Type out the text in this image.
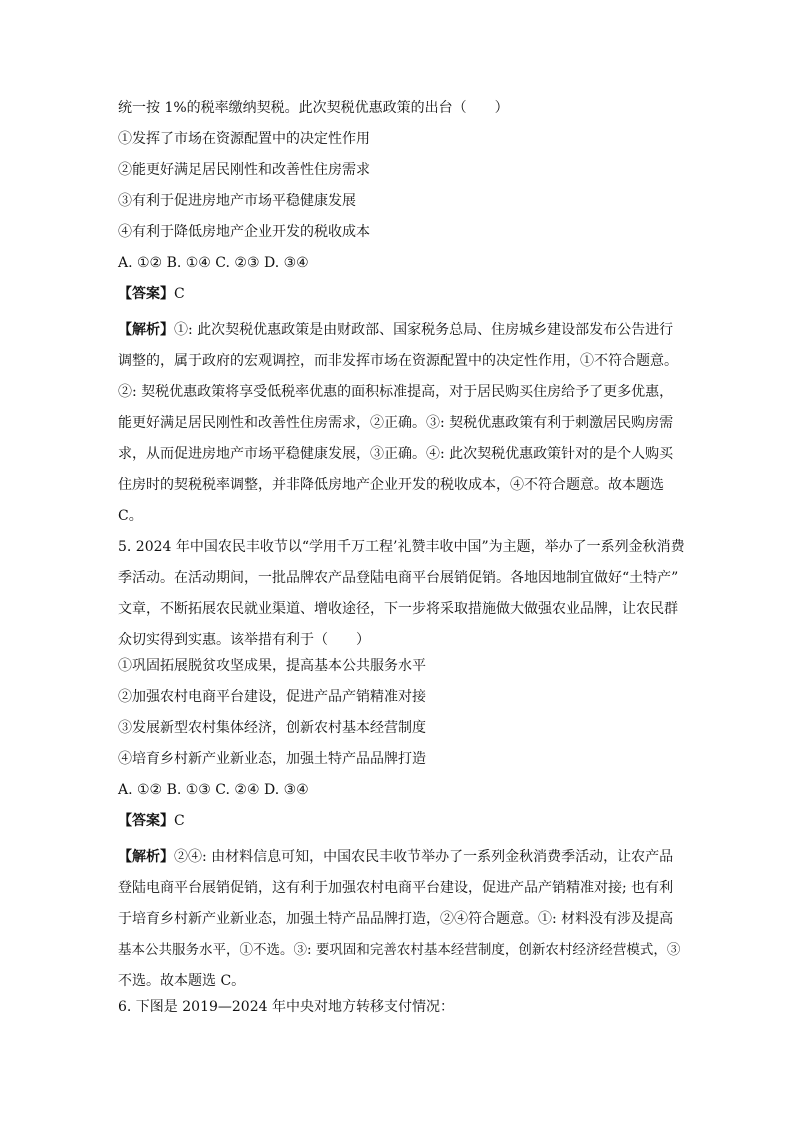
统一按 1%的税率缴纳契税。此次契税优惠政策的出台（　　）
①发挥了市场在资源配置中的决定性作用
②能更好满足居民刚性和改善性住房需求
③有利于促进房地产市场平稳健康发展
④有利于降低房地产企业开发的税收成本
A. ①② B. ①④ C. ②③ D. ③④
【答案】C
【解析】①: 此次契税优惠政策是由财政部、国家税务总局、住房城乡建设部发布公告进行
调整的，属于政府的宏观调控，而非发挥市场在资源配置中的决定性作用，①不符合题意。
②: 契税优惠政策将享受低税率优惠的面积标准提高，对于居民购买住房给予了更多优惠，
能更好满足居民刚性和改善性住房需求，②正确。③: 契税优惠政策有利于刺激居民购房需
求，从而促进房地产市场平稳健康发展，③正确。④: 此次契税优惠政策针对的是个人购买
住房时的契税税率调整，并非降低房地产企业开发的税收成本，④不符合题意。故本题选
C。
5. 2024 年中国农民丰收节以“学用千万工程’礼赞丰收中国”为主题，举办了一系列金秋消费
季活动。在活动期间，一批品牌农产品登陆电商平台展销促销。各地因地制宜做好“土特产”
文章，不断拓展农民就业渠道、增收途径，下一步将采取措施做大做强农业品牌，让农民群
众切实得到实惠。该举措有利于（　　）
①巩固拓展脱贫攻坚成果，提高基本公共服务水平
②加强农村电商平台建设，促进产品产销精准对接
③发展新型农村集体经济，创新农村基本经营制度
④培育乡村新产业新业态，加强土特产品品牌打造
A. ①② B. ①③ C. ②④ D. ③④
【答案】C
【解析】②④: 由材料信息可知，中国农民丰收节举办了一系列金秋消费季活动，让农产品
登陆电商平台展销促销，这有利于加强农村电商平台建设，促进产品产销精准对接; 也有利
于培育乡村新产业新业态，加强土特产品品牌打造，②④符合题意。①: 材料没有涉及提高
基本公共服务水平，①不选。③: 要巩固和完善农村基本经营制度，创新农村经济经营模式，③
不选。故本题选 C。
6. 下图是 2019—2024 年中央对地方转移支付情况：
